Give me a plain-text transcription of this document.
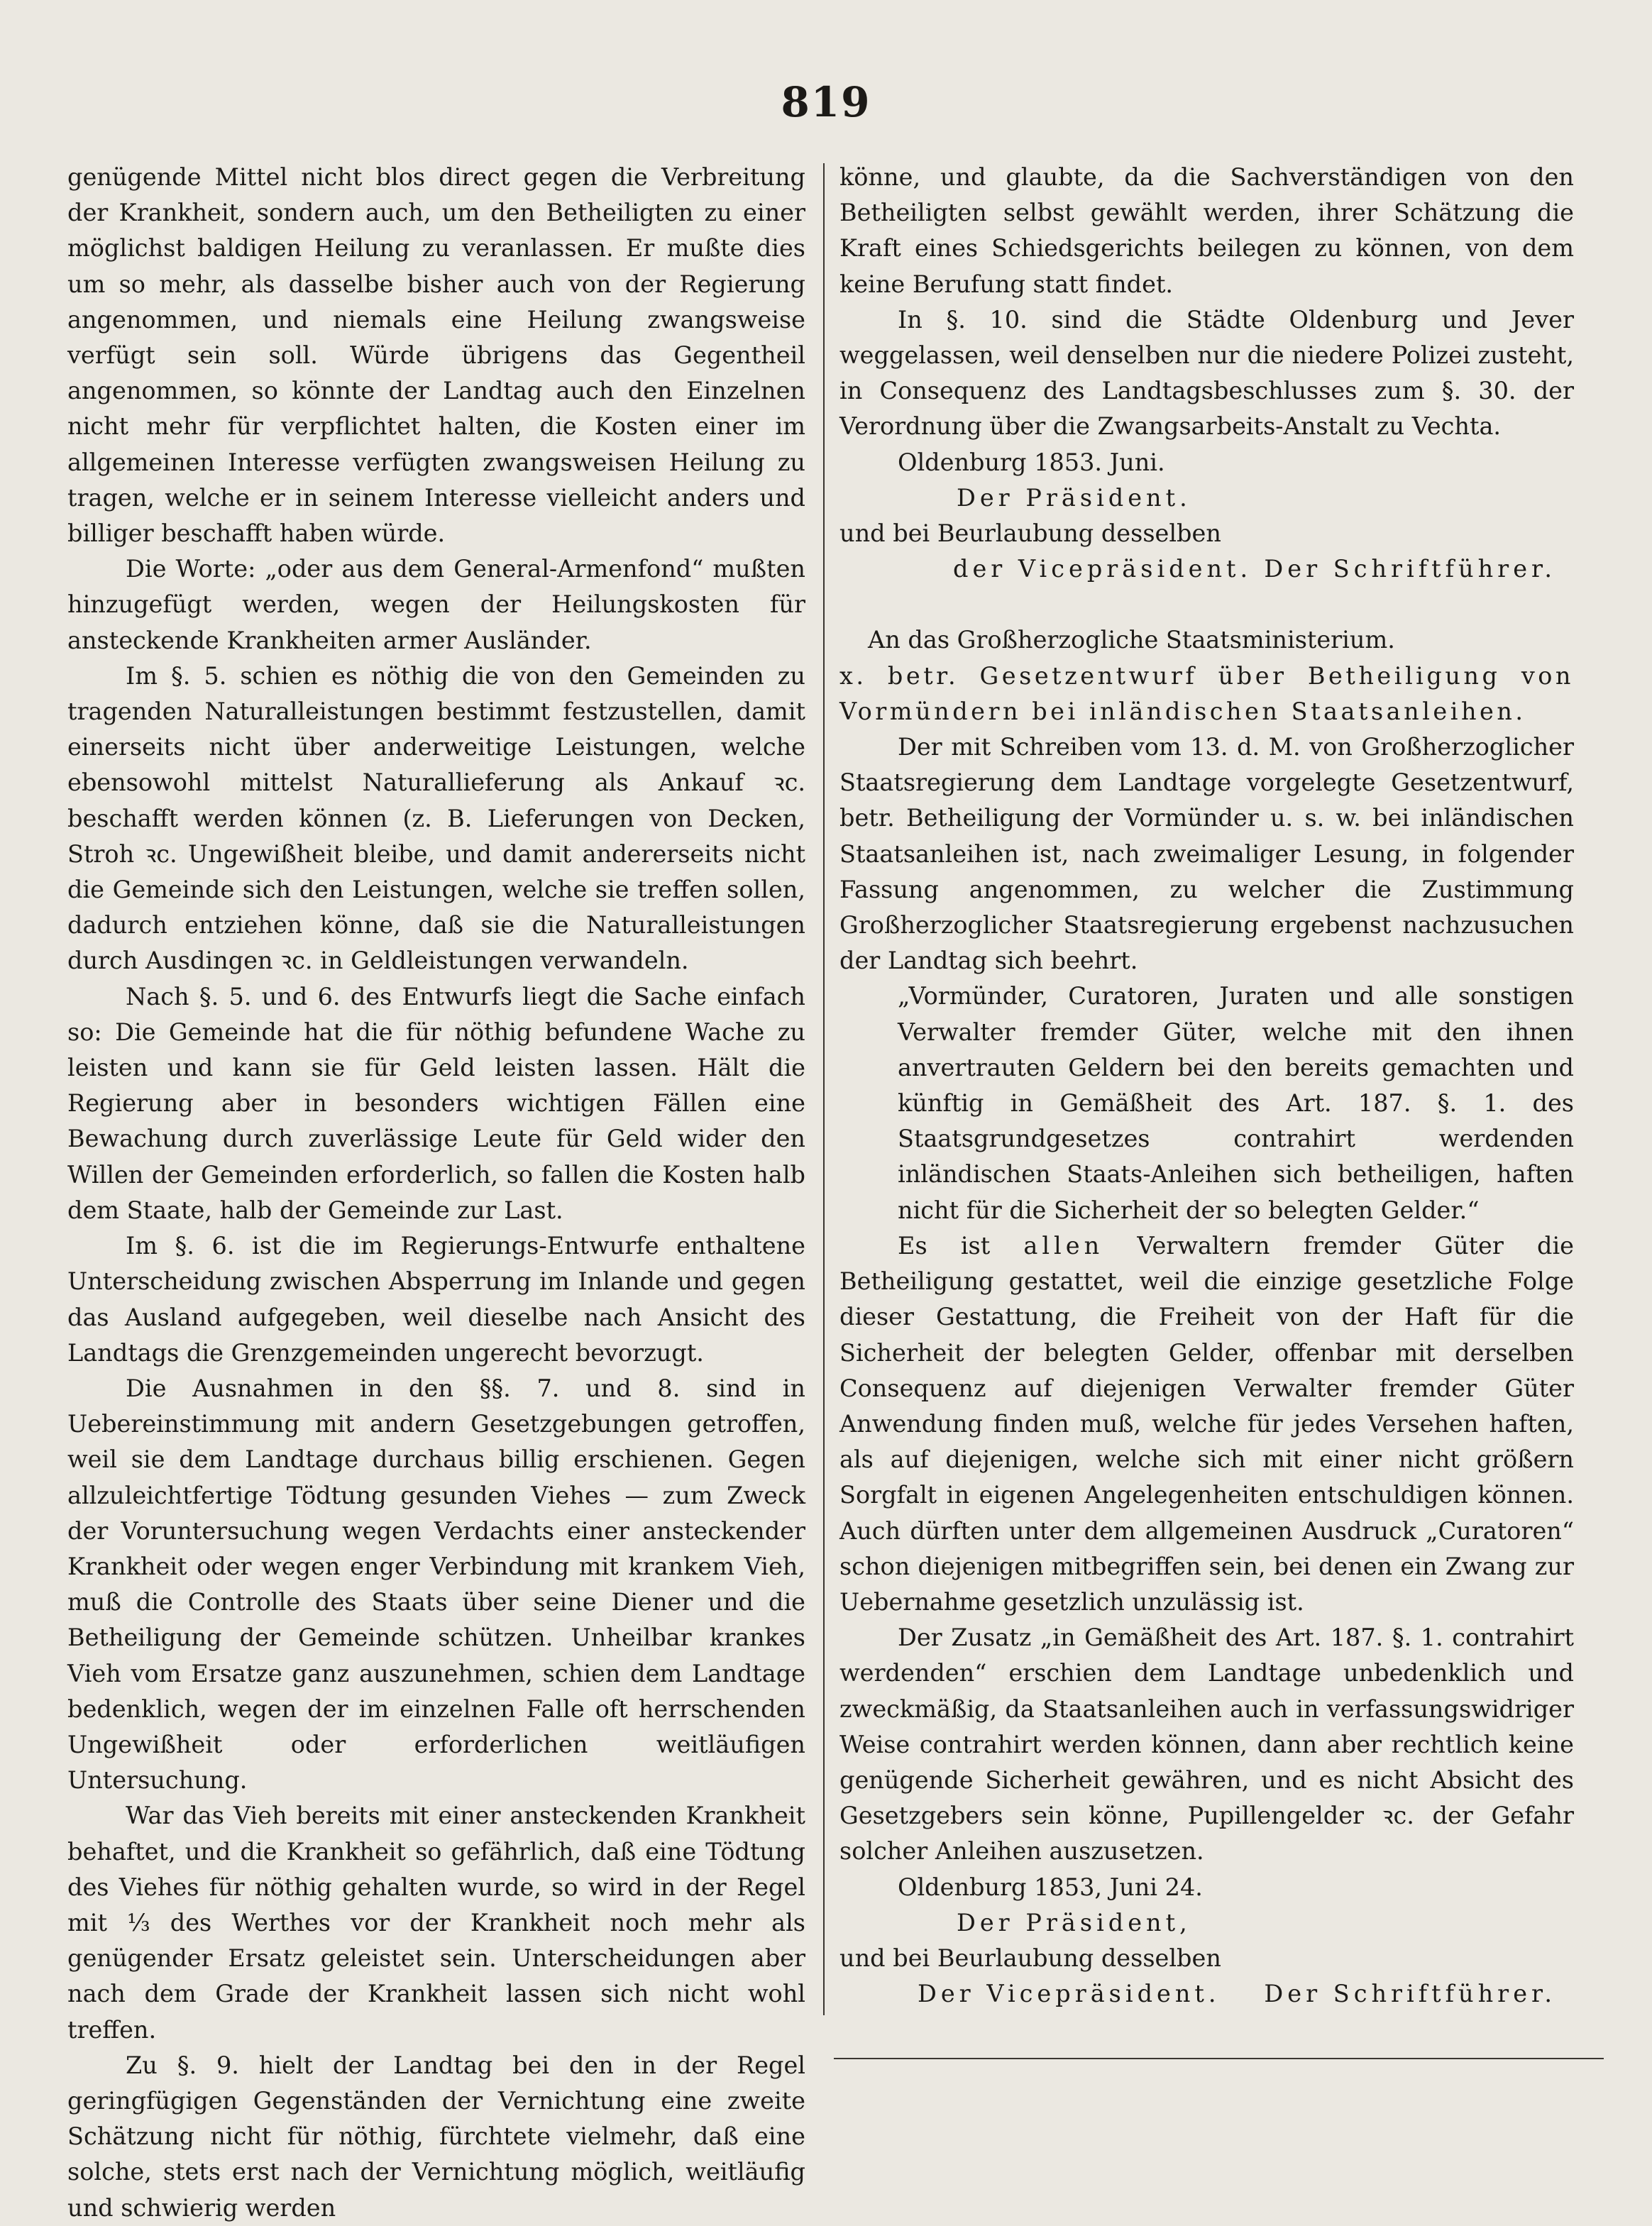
819

genügende Mittel nicht blos direct gegen die Verbreitung der Krankheit, sondern auch, um den Betheiligten zu einer möglichst baldigen Heilung zu veranlassen. Er mußte dies um so mehr, als dasselbe bisher auch von der Regierung angenommen, und niemals eine Heilung zwangsweise verfügt sein soll. Würde übrigens das Gegentheil angenommen, so könnte der Landtag auch den Einzelnen nicht mehr für verpflichtet halten, die Kosten einer im allgemeinen Interesse verfügten zwangsweisen Heilung zu tragen, welche er in seinem Interesse vielleicht anders und billiger beschafft haben würde.

Die Worte: „oder aus dem General-Armenfond“ mußten hinzugefügt werden, wegen der Heilungskosten für ansteckende Krankheiten armer Ausländer.

Im §. 5. schien es nöthig die von den Gemeinden zu tragenden Naturalleistungen bestimmt festzustellen, damit einerseits nicht über anderweitige Leistungen, welche ebensowohl mittelst Naturallieferung als Ankauf ꝛc. beschafft werden können (z. B. Lieferungen von Decken, Stroh ꝛc. Ungewißheit bleibe, und damit andererseits nicht die Gemeinde sich den Leistungen, welche sie treffen sollen, dadurch entziehen könne, daß sie die Naturalleistungen durch Ausdingen ꝛc. in Geldleistungen verwandeln.

Nach §. 5. und 6. des Entwurfs liegt die Sache einfach so: Die Gemeinde hat die für nöthig befundene Wache zu leisten und kann sie für Geld leisten lassen. Hält die Regierung aber in besonders wichtigen Fällen eine Bewachung durch zuverlässige Leute für Geld wider den Willen der Gemeinden erforderlich, so fallen die Kosten halb dem Staate, halb der Gemeinde zur Last.

Im §. 6. ist die im Regierungs-Entwurfe enthaltene Unterscheidung zwischen Absperrung im Inlande und gegen das Ausland aufgegeben, weil dieselbe nach Ansicht des Landtags die Grenzgemeinden ungerecht bevorzugt.

Die Ausnahmen in den §§. 7. und 8. sind in Uebereinstimmung mit andern Gesetzgebungen getroffen, weil sie dem Landtage durchaus billig erschienen. Gegen allzuleichtfertige Tödtung gesunden Viehes — zum Zweck der Voruntersuchung wegen Verdachts einer ansteckender Krankheit oder wegen enger Verbindung mit krankem Vieh, muß die Controlle des Staats über seine Diener und die Betheiligung der Gemeinde schützen. Unheilbar krankes Vieh vom Ersatze ganz auszunehmen, schien dem Landtage bedenklich, wegen der im einzelnen Falle oft herrschenden Ungewißheit oder erforderlichen weitläufigen Untersuchung.

War das Vieh bereits mit einer ansteckenden Krankheit behaftet, und die Krankheit so gefährlich, daß eine Tödtung des Viehes für nöthig gehalten wurde, so wird in der Regel mit ⅓ des Werthes vor der Krankheit noch mehr als genügender Ersatz geleistet sein. Unterscheidungen aber nach dem Grade der Krankheit lassen sich nicht wohl treffen.

Zu §. 9. hielt der Landtag bei den in der Regel geringfügigen Gegenständen der Vernichtung eine zweite Schätzung nicht für nöthig, fürchtete vielmehr, daß eine solche, stets erst nach der Vernichtung möglich, weitläufig und schwierig werden

könne, und glaubte, da die Sachverständigen von den Betheiligten selbst gewählt werden, ihrer Schätzung die Kraft eines Schiedsgerichts beilegen zu können, von dem keine Berufung statt findet.

In §. 10. sind die Städte Oldenburg und Jever weggelassen, weil denselben nur die niedere Polizei zusteht, in Consequenz des Landtagsbeschlusses zum §. 30. der Verordnung über die Zwangsarbeits-Anstalt zu Vechta.

Oldenburg 1853. Juni.

Der Präsident.

und bei Beurlaubung desselben

der Vicepräsident. Der Schriftführer.

An das Großherzogliche Staatsministerium.

x. betr. Gesetzentwurf über Betheiligung von Vormündern bei inländischen Staatsanleihen.

Der mit Schreiben vom 13. d. M. von Großherzoglicher Staatsregierung dem Landtage vorgelegte Gesetzentwurf, betr. Betheiligung der Vormünder u. s. w. bei inländischen Staatsanleihen ist, nach zweimaliger Lesung, in folgender Fassung angenommen, zu welcher die Zustimmung Großherzoglicher Staatsregierung ergebenst nachzusuchen der Landtag sich beehrt.

„Vormünder, Curatoren, Juraten und alle sonstigen Verwalter fremder Güter, welche mit den ihnen anvertrauten Geldern bei den bereits gemachten und künftig in Gemäßheit des Art. 187. §. 1. des Staatsgrundgesetzes contrahirt werdenden inländischen Staats-Anleihen sich betheiligen, haften nicht für die Sicherheit der so belegten Gelder.“

Es ist allen Verwaltern fremder Güter die Betheiligung gestattet, weil die einzige gesetzliche Folge dieser Gestattung, die Freiheit von der Haft für die Sicherheit der belegten Gelder, offenbar mit derselben Consequenz auf diejenigen Verwalter fremder Güter Anwendung finden muß, welche für jedes Versehen haften, als auf diejenigen, welche sich mit einer nicht größern Sorgfalt in eigenen Angelegenheiten entschuldigen können. Auch dürften unter dem allgemeinen Ausdruck „Curatoren“ schon diejenigen mitbegriffen sein, bei denen ein Zwang zur Uebernahme gesetzlich unzulässig ist.

Der Zusatz „in Gemäßheit des Art. 187. §. 1. contrahirt werdenden“ erschien dem Landtage unbedenklich und zweckmäßig, da Staatsanleihen auch in verfassungswidriger Weise contrahirt werden können, dann aber rechtlich keine genügende Sicherheit gewähren, und es nicht Absicht des Gesetzgebers sein könne, Pupillengelder ꝛc. der Gefahr solcher Anleihen auszusetzen.

Oldenburg 1853, Juni 24.

Der Präsident,

und bei Beurlaubung desselben

Der Vicepräsident. Der Schriftführer.
